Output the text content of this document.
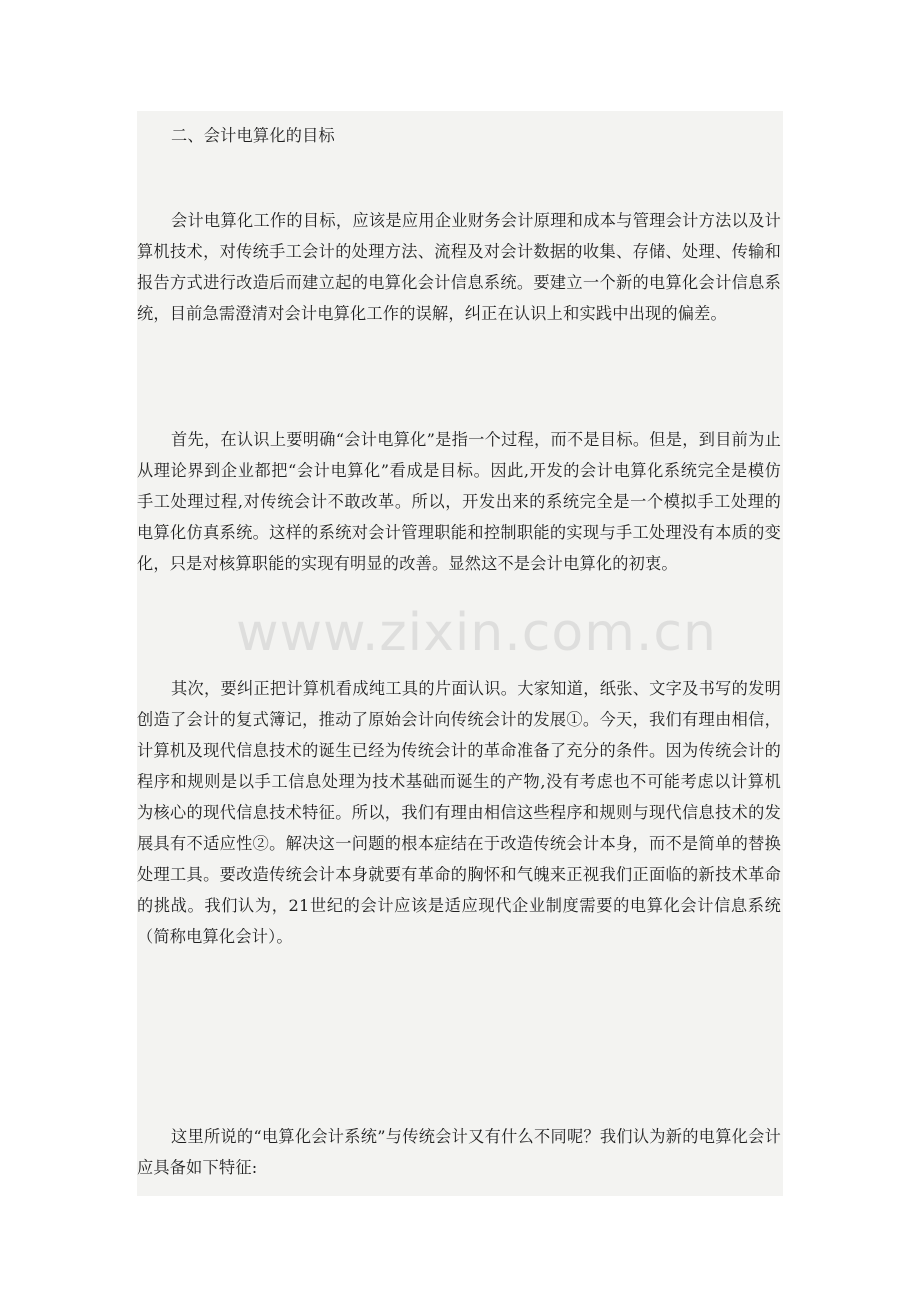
二、会计电算化的目标

会计电算化工作的目标，应该是应用企业财务会计原理和成本与管理会计方法以及计算机技术，对传统手工会计的处理方法、流程及对会计数据的收集、存储、处理、传输和报告方式进行改造后而建立起的电算化会计信息系统。要建立一个新的电算化会计信息系统，目前急需澄清对会计电算化工作的误解，纠正在认识上和实践中出现的偏差。

首先，在认识上要明确“会计电算化”是指一个过程，而不是目标。但是，到目前为止从理论界到企业都把“会计电算化”看成是目标。因此,开发的会计电算化系统完全是模仿手工处理过程,对传统会计不敢改革。所以，开发出来的系统完全是一个模拟手工处理的电算化仿真系统。这样的系统对会计管理职能和控制职能的实现与手工处理没有本质的变化，只是对核算职能的实现有明显的改善。显然这不是会计电算化的初衷。

其次，要纠正把计算机看成纯工具的片面认识。大家知道，纸张、文字及书写的发明创造了会计的复式簿记，推动了原始会计向传统会计的发展①。今天，我们有理由相信，计算机及现代信息技术的诞生已经为传统会计的革命准备了充分的条件。因为传统会计的程序和规则是以手工信息处理为技术基础而诞生的产物,没有考虑也不可能考虑以计算机为核心的现代信息技术特征。所以，我们有理由相信这些程序和规则与现代信息技术的发展具有不适应性②。解决这一问题的根本症结在于改造传统会计本身，而不是简单的替换处理工具。要改造传统会计本身就要有革命的胸怀和气魄来正视我们正面临的新技术革命的挑战。我们认为，21世纪的会计应该是适应现代企业制度需要的电算化会计信息系统（简称电算化会计）。

这里所说的“电算化会计系统”与传统会计又有什么不同呢？我们认为新的电算化会计应具备如下特征:

www.zixin.com.cn
